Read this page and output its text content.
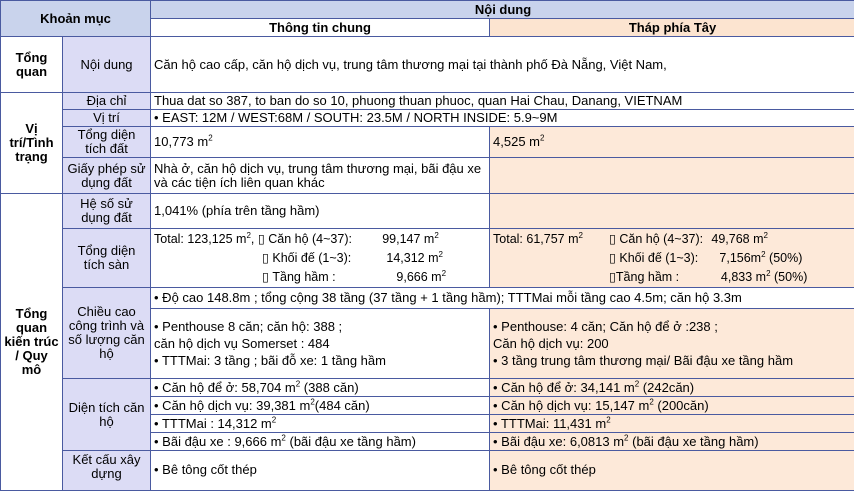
Khoản mục		Nội dung	
		Thông tin chung	Tháp phía Tây
Tổng quan	Nội dung	Căn hộ cao cấp, căn hộ dịch vụ, trung tâm thương mại tại thành phố Đà Nẵng, Việt Nam,	
Vị trí/Tình trạng	Địa chỉ	Thua dat so 387, to ban do so 10, phuong thuan phuoc, quan Hai Chau, Danang, VIETNAM	
	Vị trí	• EAST: 12M / WEST:68M / SOUTH: 23.5M / NORTH INSIDE: 5.9~9M	
	Tổng diện tích đất	10,773 $m^2$	4,525 $m^2$
	Giấy phép sử dụng đất	Nhà ở, căn hộ dịch vụ, trung tâm thương mại, bãi đậu xe và các tiện ích liên quan khác	
Tổng quan kiến trúc / Quy mô	Hệ số sử dụng đất	1,041% (phía trên tầng hầm)	
	Tổng diện tích sàn	Total: 123,125 $m^2$, ▯ Căn hộ (4~37): 99,147 $m^2$
▯ Khối đế (1~3): 14,312 $m^2$
▯ Tầng hầm : 9,666 $m^2$	Total: 61,757 $m^2$ ▯ Căn hộ (4~37): 49,768 $m^2$
▯ Khối đế (1~3): $7,156m^2$ (50%)
▯Tầng hầm : 4,833 $m^2$ (50%)

	Chiều cao công trình và số lượng căn hộ	• Độ cao 148.8m ; tổng cộng 38 tầng (37 tầng + 1 tầng hầm); TTTMai mỗi tầng cao 4.5m; căn hộ 3.3m	

		• Penthouse 8 căn; căn hộ: 388 ;
căn hộ dịch vụ Somerset : 484
• TTTMai: 3 tầng ; bãi đỗ xe: 1 tầng hầm	• Penthouse: 4 căn; Căn hộ để ở :238 ;
Căn hộ dịch vụ: 200
• 3 tầng trung tâm thương mại/ Bãi đậu xe tầng hầm

	Diện tích căn hộ	• Căn hộ để ở: 58,704 $m^2$ (388 căn)	• Căn hộ để ở: 34,141 $m^2$ (242căn)
		• Căn hộ dịch vụ: 39,381 $m^2(484$ căn)	• Căn hộ dịch vụ: 15,147 $m^2$ (200căn)
		• TTTMai : 14,312 $m^2$	• TTTMai: 11,431 $m^2$
		• Bãi đậu xe : 9,666 $m^2$ (bãi đậu xe tầng hầm)	• Bãi đậu xe: 6,0813 $m^2$ (bãi đậu xe tầng hầm)
	Kết cấu xây dựng	• Bê tông cốt thép	• Bê tông cốt thép
